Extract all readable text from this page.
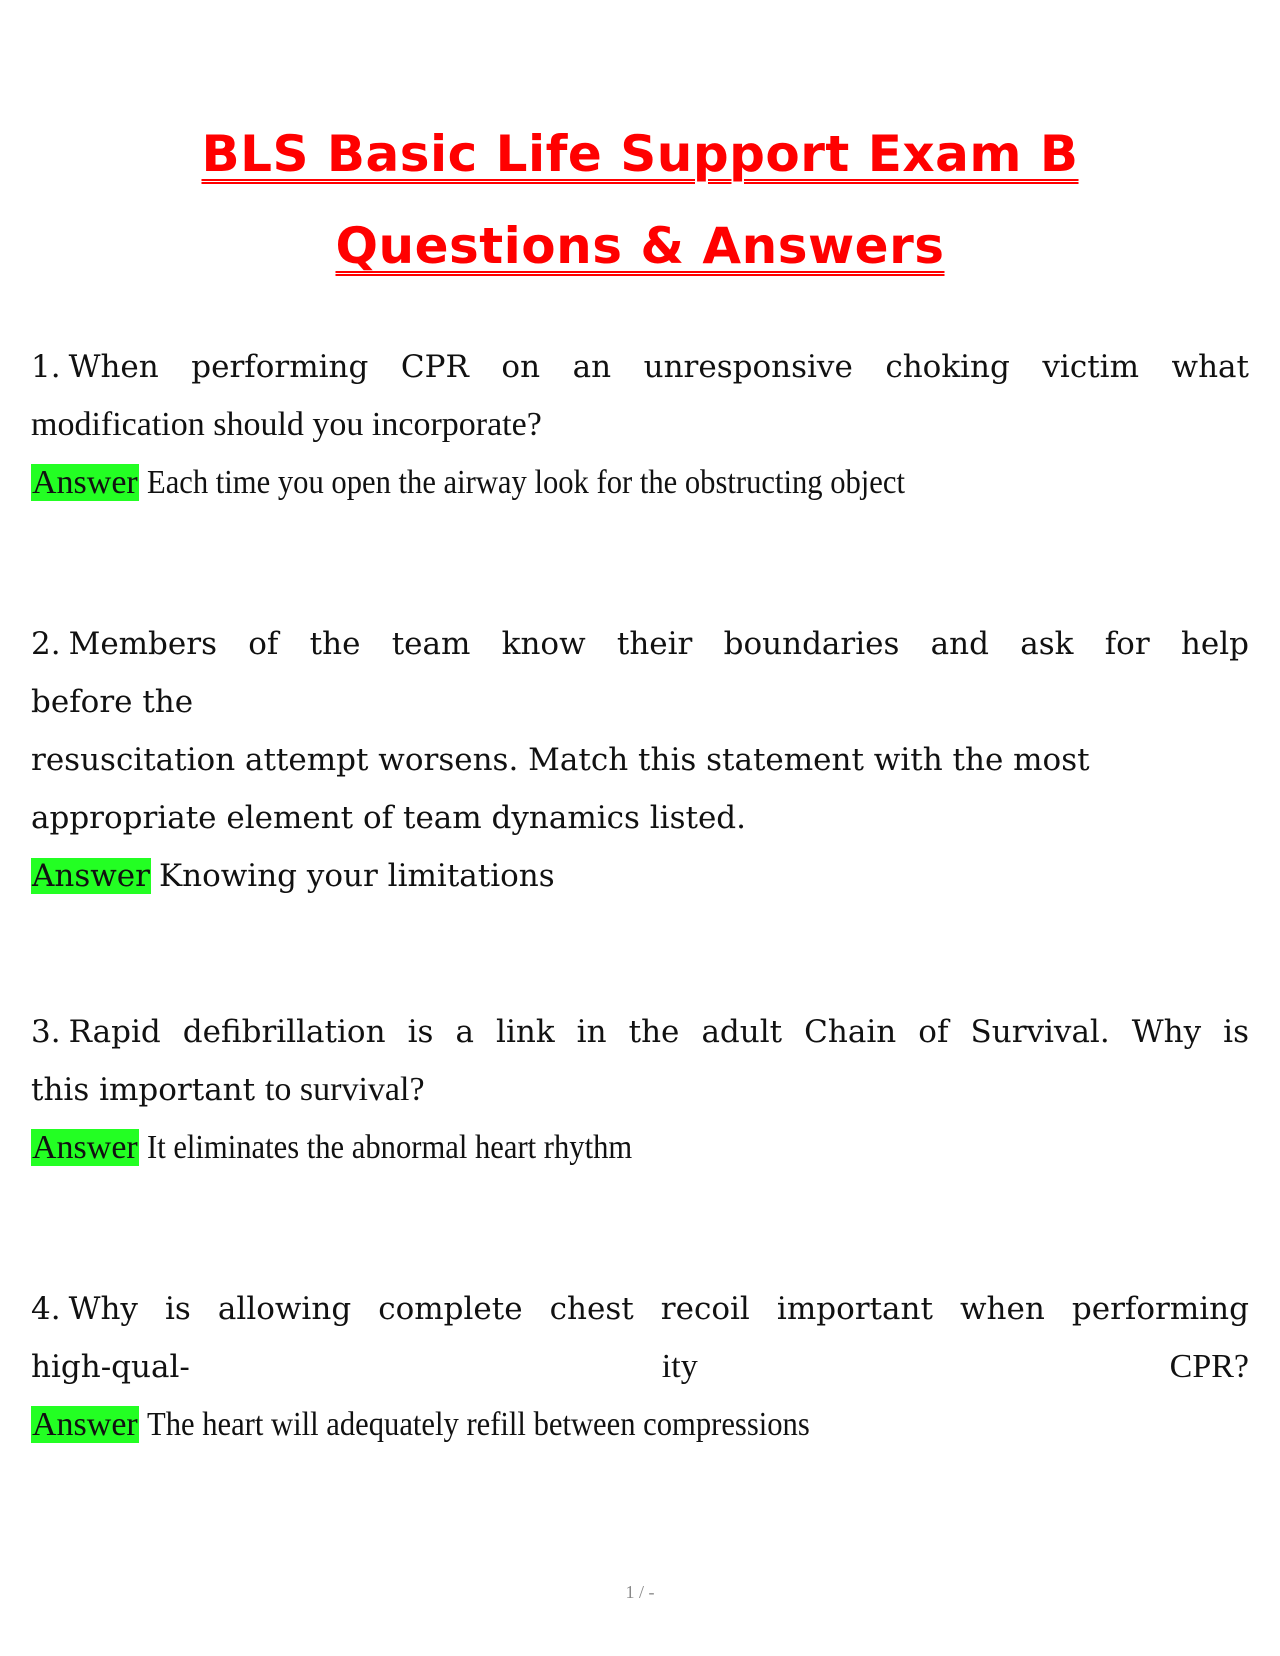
BLS Basic Life Support Exam B
Questions & Answers

1. When performing CPR on an unresponsive choking victim what

modification should you incorporate?

Answer Each time you open the airway look for the obstructing object

2. Members of the team know their boundaries and ask for help

before the

resuscitation attempt worsens. Match this statement with the most

appropriate element of team dynamics listed.

Answer Knowing your limitations

3. Rapid defibrillation is a link in the adult Chain of Survival. Why is

this important to survival?

Answer It eliminates the abnormal heart rhythm

4. Why is allowing complete chest recoil important when performing

high-qual-	ity	CPR?

Answer The heart will adequately refill between compressions

1 / -
